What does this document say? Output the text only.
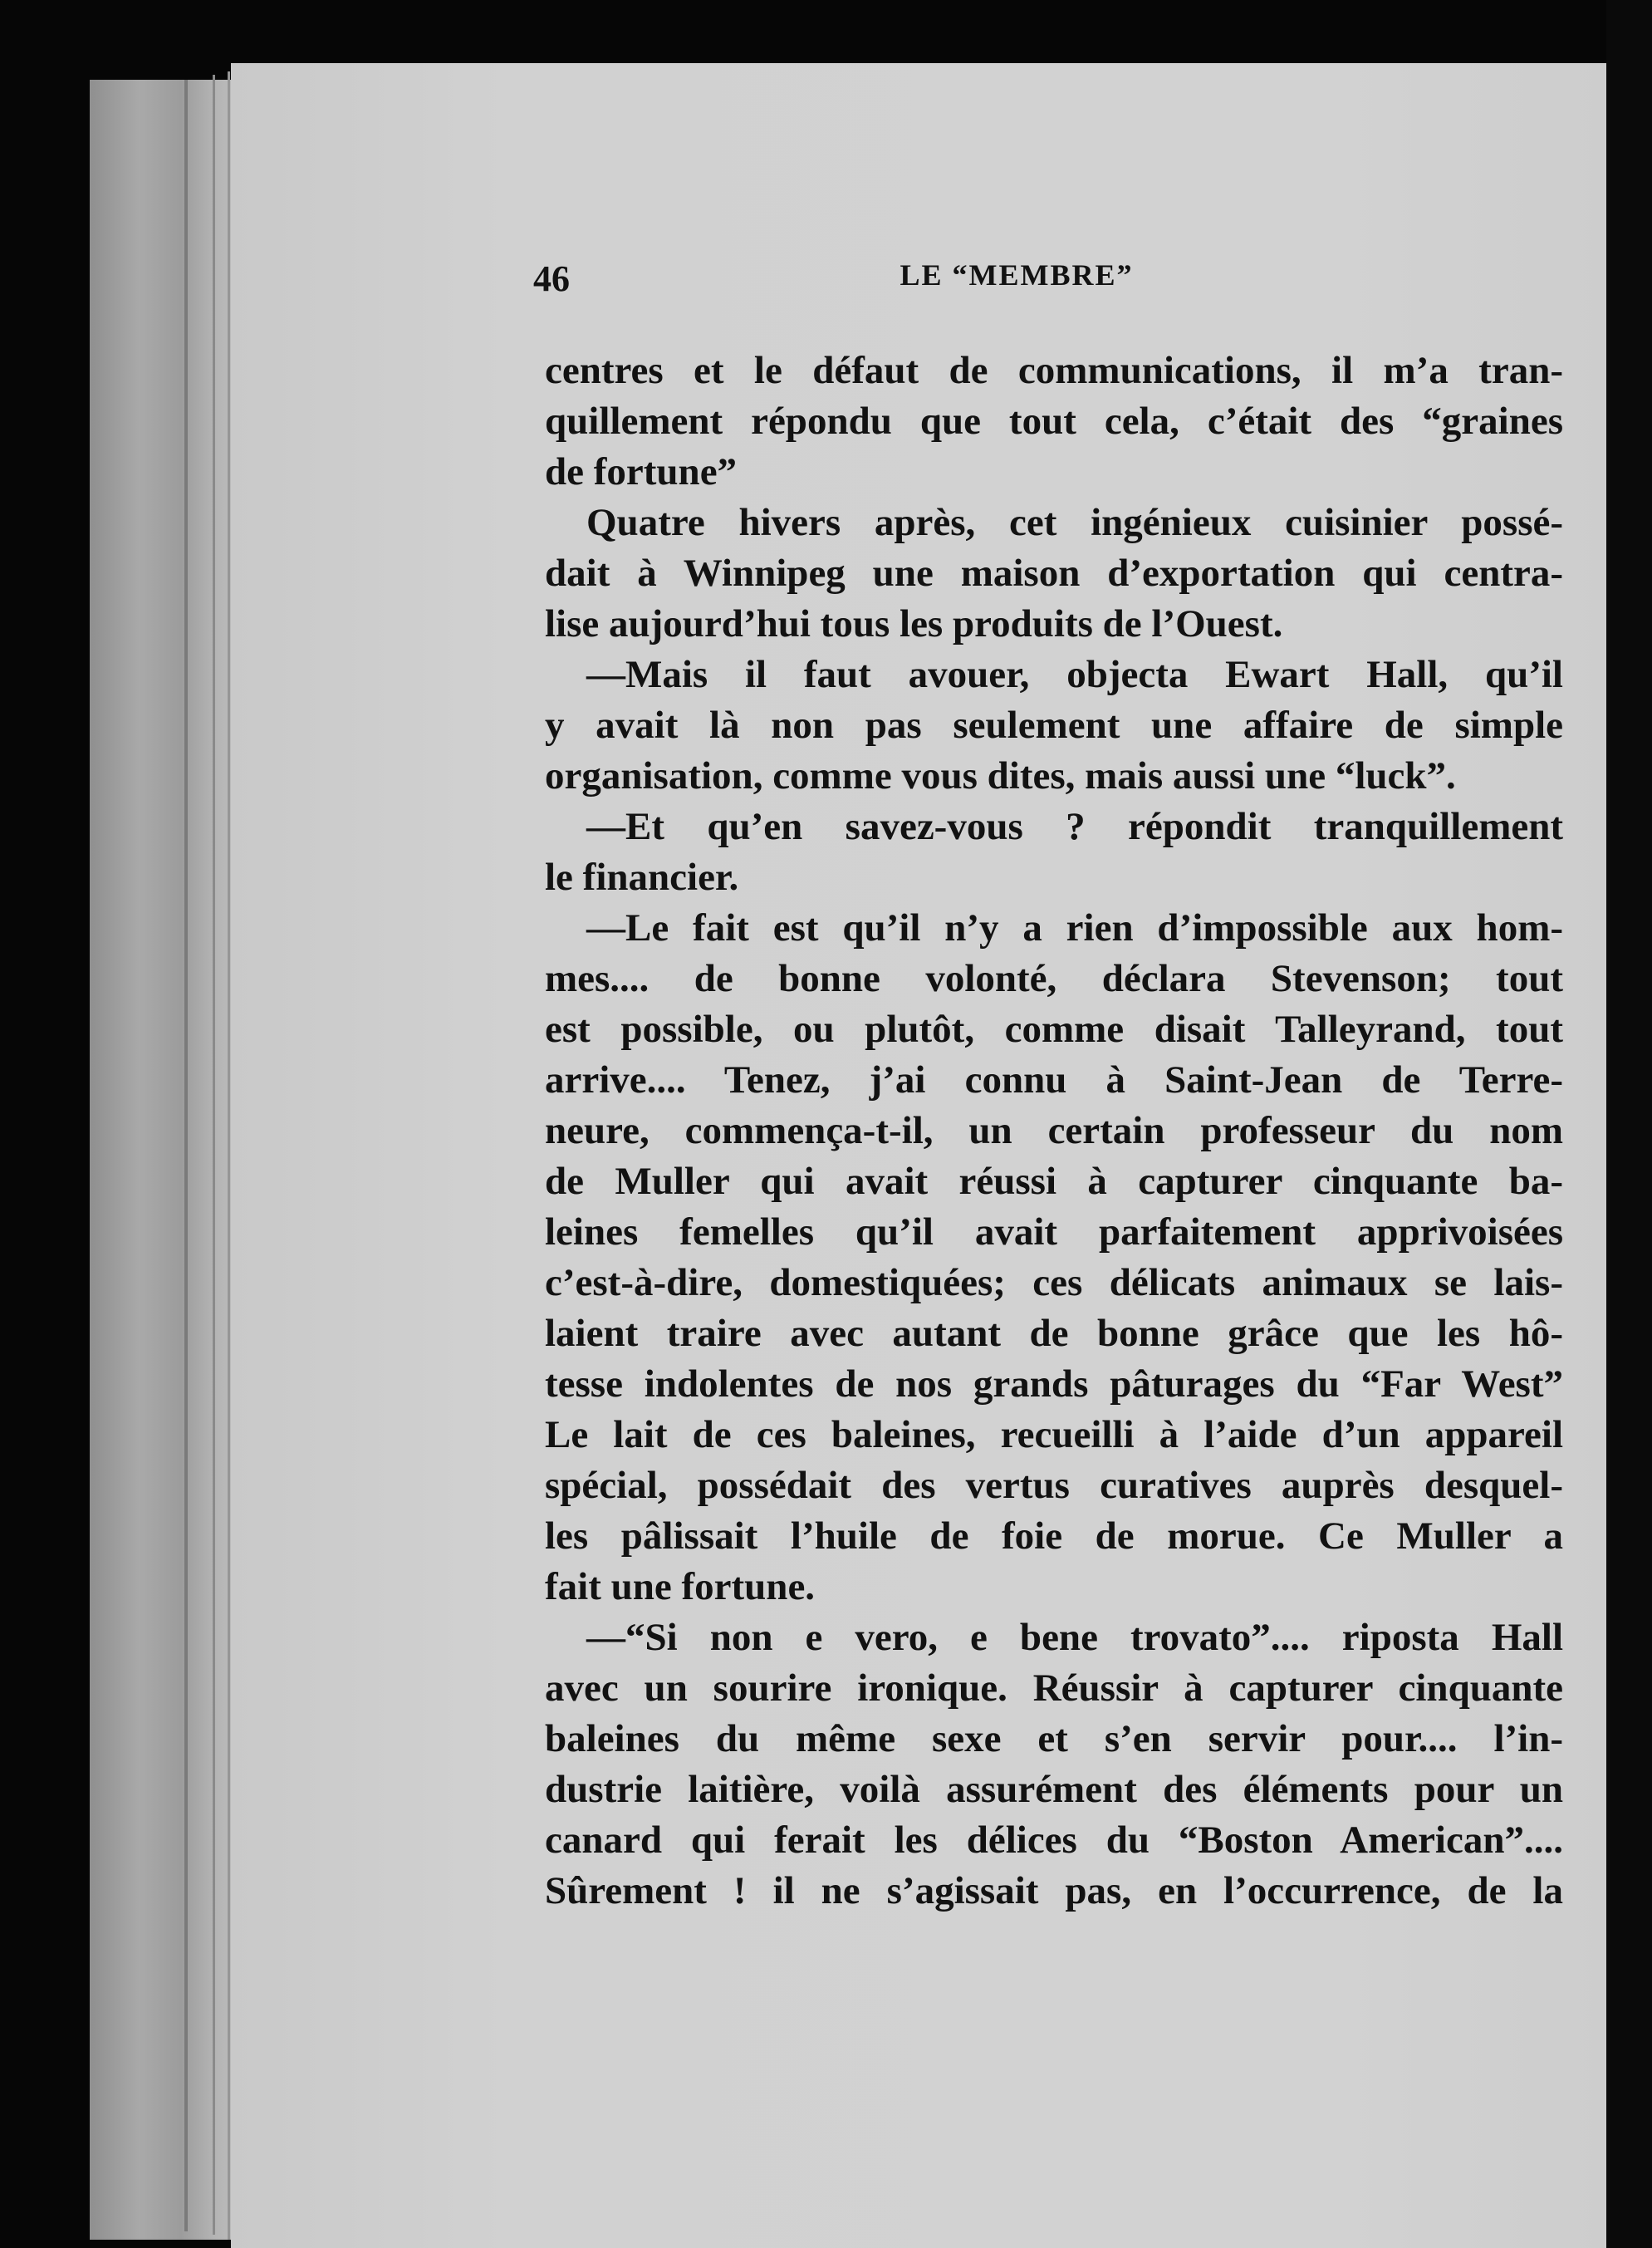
46	LE “MEMBRE”
centres et le défaut de communications, il m’a tran-
quillement répondu que tout cela, c’était des “graines
de fortune”
Quatre hivers après, cet ingénieux cuisinier possé-
dait à Winnipeg une maison d’exportation qui centra-
lise aujourd’hui tous les produits de l’Ouest.
—Mais il faut avouer, objecta Ewart Hall, qu’il
y avait là non pas seulement une affaire de simple
organisation, comme vous dites, mais aussi une “luck”.
—Et qu’en savez-vous ? répondit tranquillement
le financier.
—Le fait est qu’il n’y a rien d’impossible aux hom-
mes.... de bonne volonté, déclara Stevenson; tout
est possible, ou plutôt, comme disait Talleyrand, tout
arrive.... Tenez, j’ai connu à Saint-Jean de Terre-
neure, commença-t-il, un certain professeur du nom
de Muller qui avait réussi à capturer cinquante ba-
leines femelles qu’il avait parfaitement apprivoisées
c’est-à-dire, domestiquées; ces délicats animaux se lais-
laient traire avec autant de bonne grâce que les hô-
tesse indolentes de nos grands pâturages du “Far West”
Le lait de ces baleines, recueilli à l’aide d’un appareil
spécial, possédait des vertus curatives auprès desquel-
les pâlissait l’huile de foie de morue. Ce Muller a
fait une fortune.
—“Si non e vero, e bene trovato”.... riposta Hall
avec un sourire ironique. Réussir à capturer cinquante
baleines du même sexe et s’en servir pour.... l’in-
dustrie laitière, voilà assurément des éléments pour un
canard qui ferait les délices du “Boston American”....
Sûrement ! il ne s’agissait pas, en l’occurrence, de la
